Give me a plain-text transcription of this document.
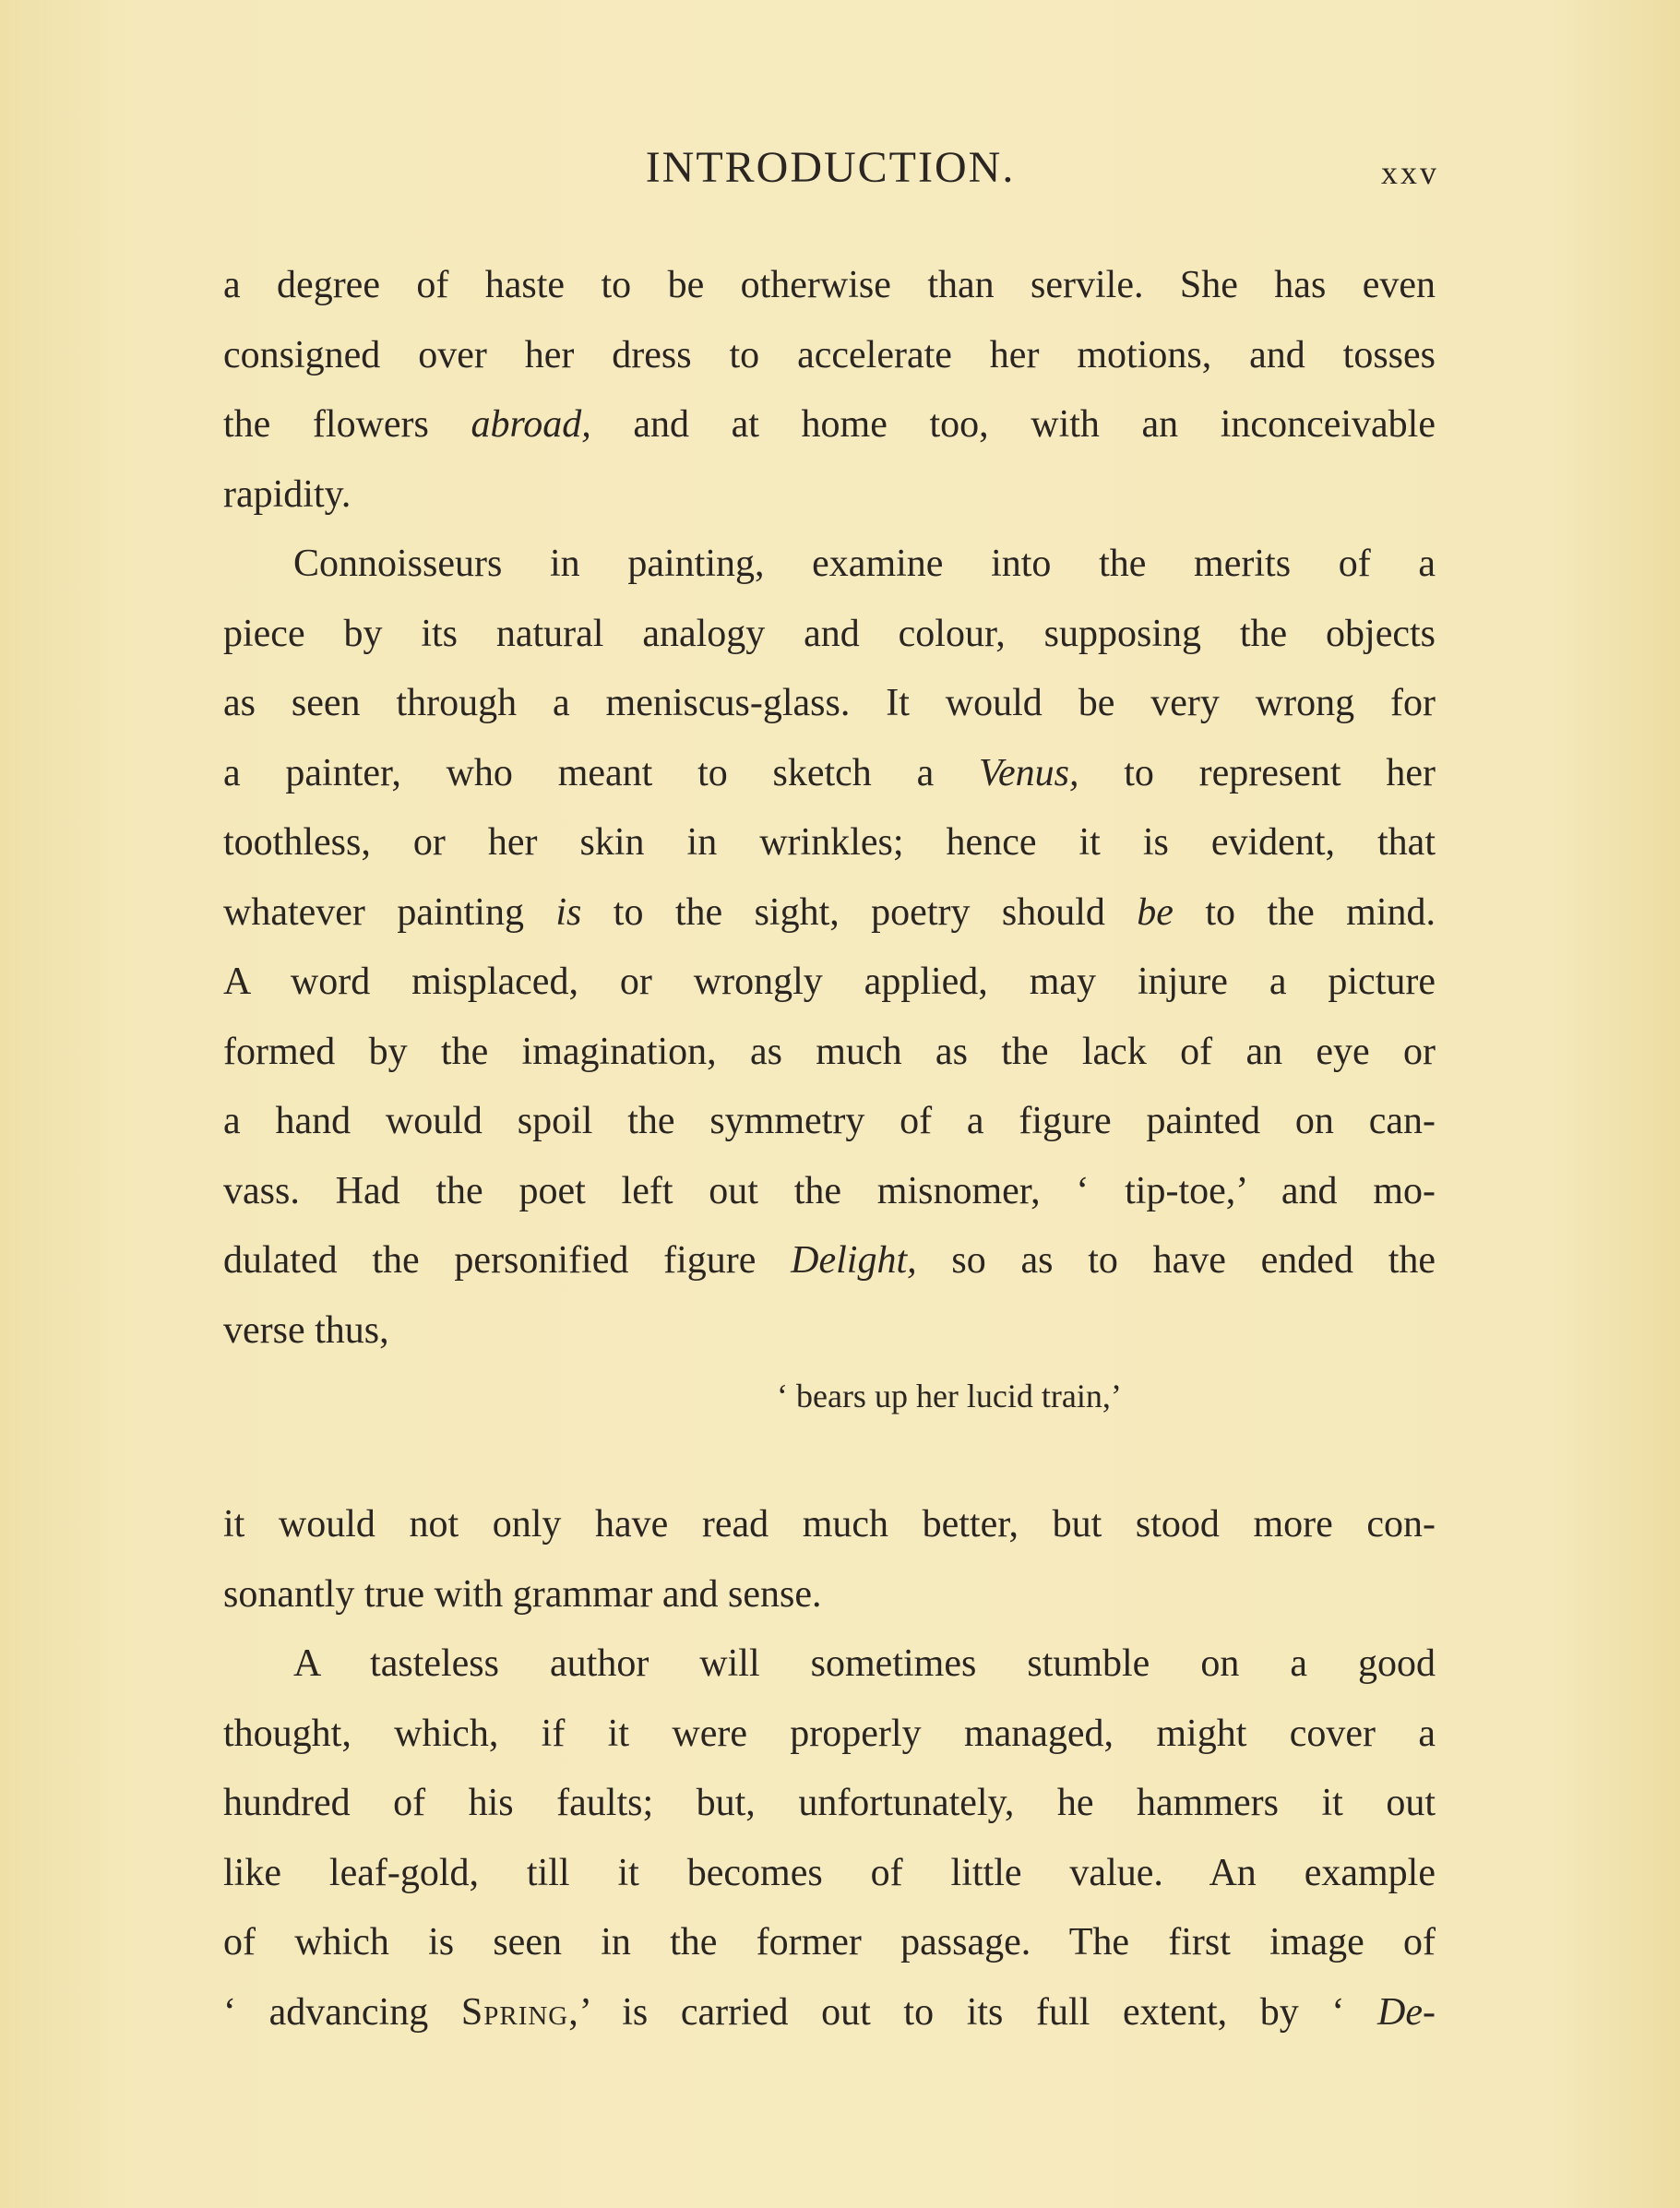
INTRODUCTION.	xxv
a degree of haste to be otherwise than servile. She has even
consigned over her dress to accelerate her motions, and tosses
the flowers abroad, and at home too, with an inconceivable
rapidity.
Connoisseurs in painting, examine into the merits of a
piece by its natural analogy and colour, supposing the objects
as seen through a meniscus-glass. It would be very wrong for
a painter, who meant to sketch a Venus, to represent her
toothless, or her skin in wrinkles; hence it is evident, that
whatever painting is to the sight, poetry should be to the mind.
A word misplaced, or wrongly applied, may injure a picture
formed by the imagination, as much as the lack of an eye or
a hand would spoil the symmetry of a figure painted on can-
vass. Had the poet left out the misnomer, ‘ tip-toe,’ and mo-
dulated the personified figure Delight, so as to have ended the
verse thus,
‘ bears up her lucid train,’
it would not only have read much better, but stood more con-
sonantly true with grammar and sense.
A tasteless author will sometimes stumble on a good
thought, which, if it were properly managed, might cover a
hundred of his faults; but, unfortunately, he hammers it out
like leaf-gold, till it becomes of little value. An example
of which is seen in the former passage. The first image of
‘ advancing Spring,’ is carried out to its full extent, by ‘ De-
